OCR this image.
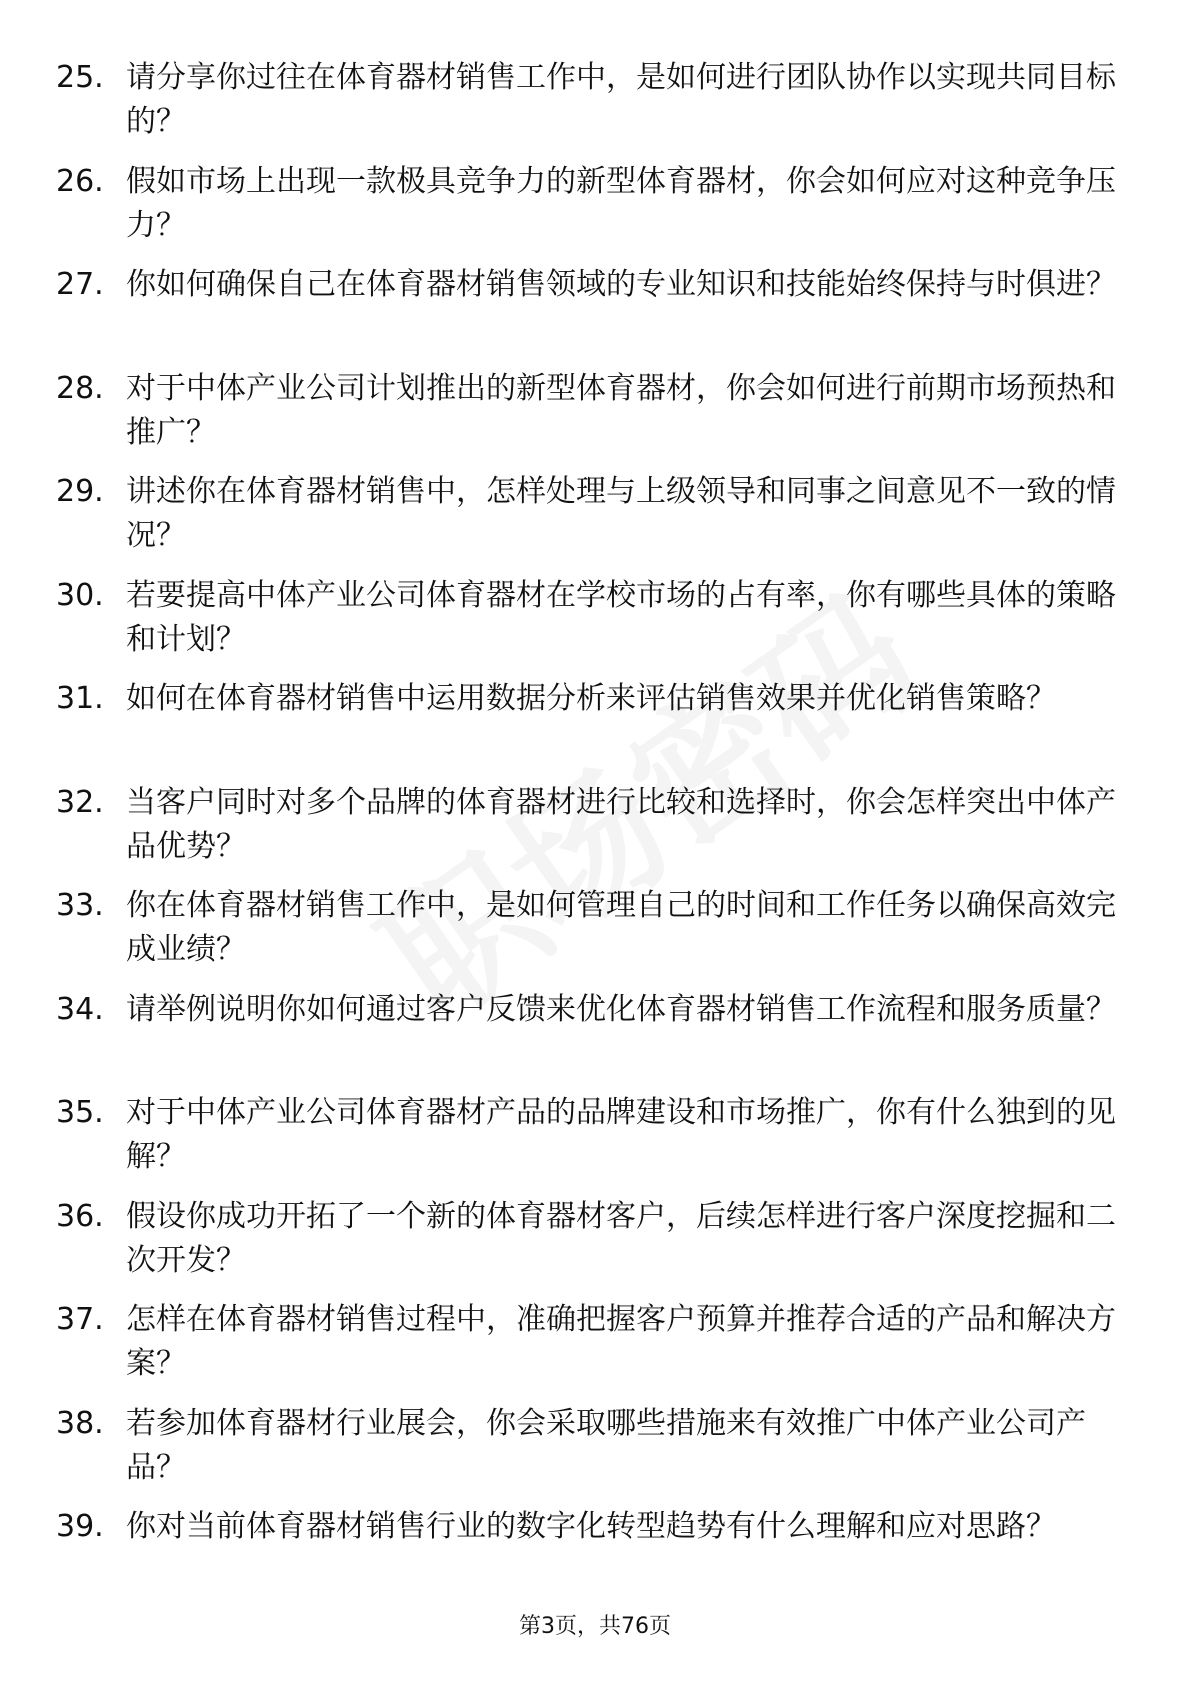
25. 请分享你过往在体育器材销售工作中，是如何进行团队协作以实现共同目标的？
26. 假如市场上出现一款极具竞争力的新型体育器材，你会如何应对这种竞争压力？
27. 你如何确保自己在体育器材销售领域的专业知识和技能始终保持与时俱进？
28. 对于中体产业公司计划推出的新型体育器材，你会如何进行前期市场预热和推广？
29. 讲述你在体育器材销售中，怎样处理与上级领导和同事之间意见不一致的情况？
30. 若要提高中体产业公司体育器材在学校市场的占有率，你有哪些具体的策略和计划？
31. 如何在体育器材销售中运用数据分析来评估销售效果并优化销售策略？
32. 当客户同时对多个品牌的体育器材进行比较和选择时，你会怎样突出中体产品优势？
33. 你在体育器材销售工作中，是如何管理自己的时间和工作任务以确保高效完成业绩？
34. 请举例说明你如何通过客户反馈来优化体育器材销售工作流程和服务质量？
35. 对于中体产业公司体育器材产品的品牌建设和市场推广，你有什么独到的见解？
36. 假设你成功开拓了一个新的体育器材客户，后续怎样进行客户深度挖掘和二次开发？
37. 怎样在体育器材销售过程中，准确把握客户预算并推荐合适的产品和解决方案？
38. 若参加体育器材行业展会，你会采取哪些措施来有效推广中体产业公司产品？
39. 你对当前体育器材销售行业的数字化转型趋势有什么理解和应对思路？
第3页，共76页
